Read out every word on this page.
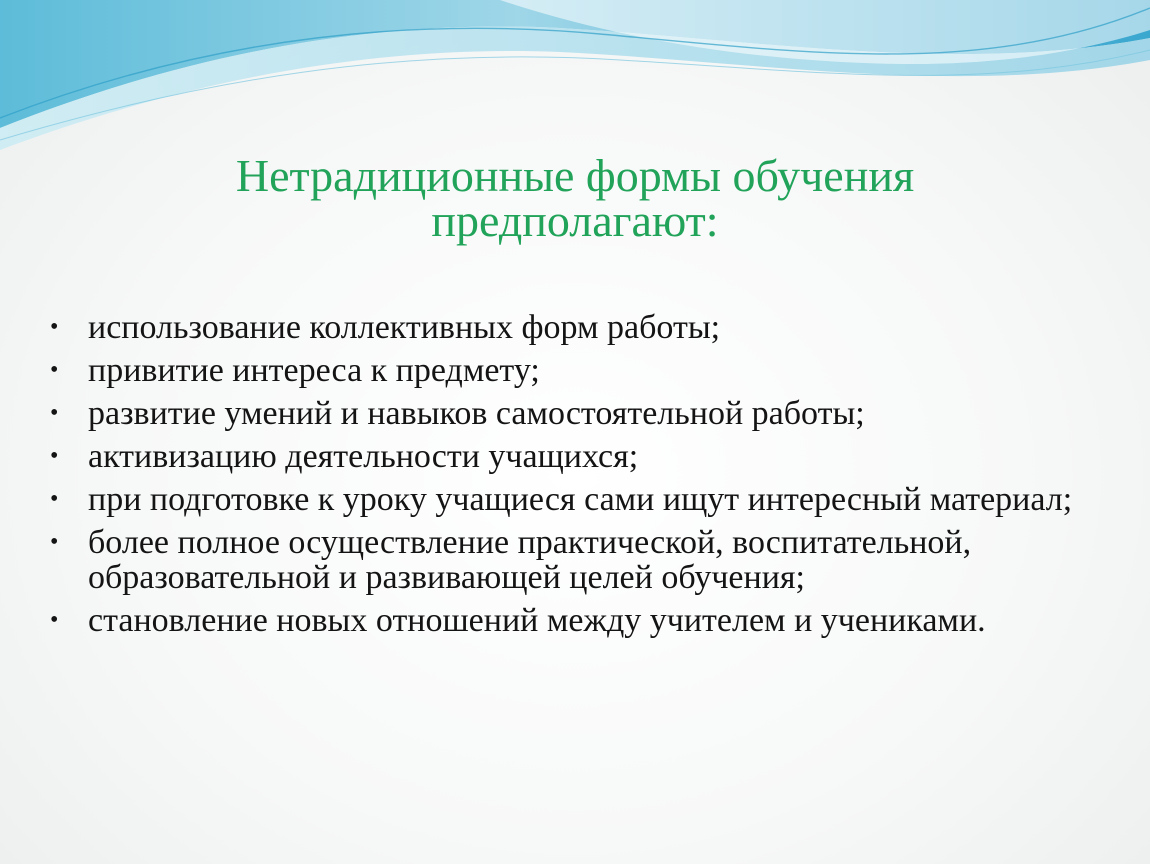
Нетрадиционные формы обучения
предполагают:
• использование коллективных форм работы;
• привитие интереса к предмету;
• развитие умений и навыков самостоятельной работы;
• активизацию деятельности учащихся;
• при подготовке к уроку учащиеся сами ищут интересный материал;
• более полное осуществление практической, воспитательной, образовательной и развивающей целей обучения;
• становление новых отношений между учителем и учениками.
